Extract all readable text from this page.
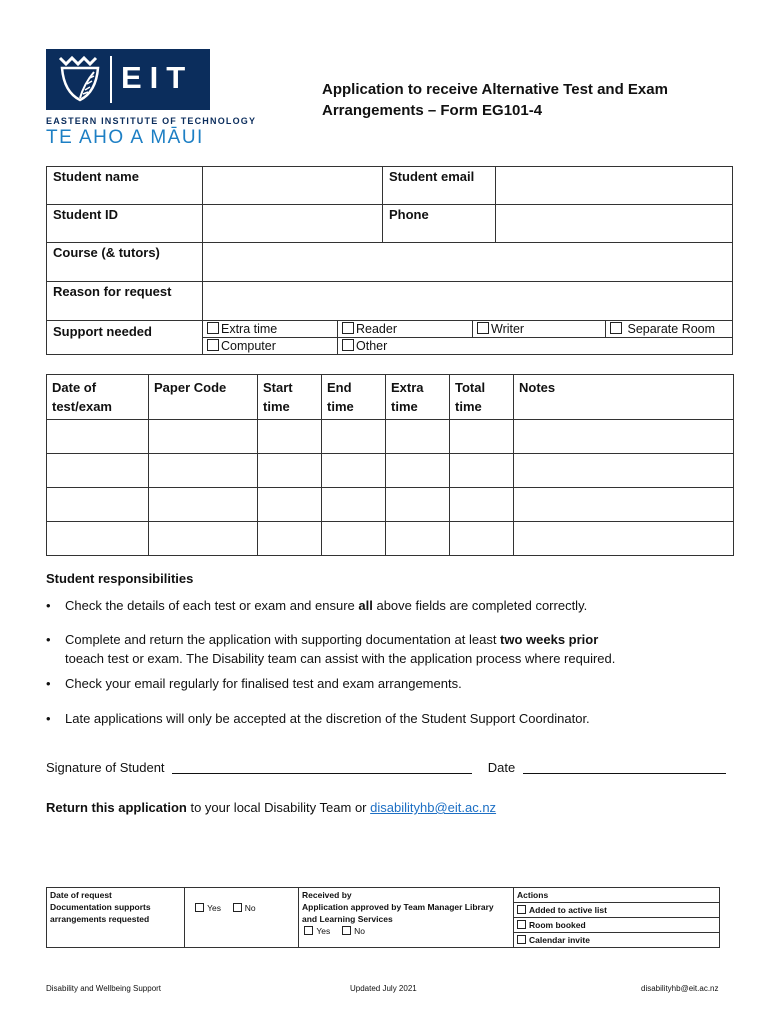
EIT
EASTERN INSTITUTE OF TECHNOLOGY
TE AHO A MĀUI
Application to receive Alternative Test and Exam
Arrangements – Form EG101-4
Student name		Student email	
Student ID		Phone	
Course (& tutors)	
Reason for request	
Support needed		Extra time	Reader	Writer	Separate Room
Computer	Other		
Date of test/exam	Paper Code	Start time	End time	Extra time	Total time	Notes

Student responsibilities
• Check the details of each test or exam and ensure all above fields are completed correctly.
• Complete and return the application with supporting documentation at least two weeks prior
toeach test or exam. The Disability team can assist with the application process where required.
• Check your email regularly for finalised test and exam arrangements.
• Late applications will only be accepted at the discretion of the Student Support Coordinator.
Signature of Student	Date
Return this application to your local Disability Team or disabilityhb@eit.ac.nz
Date of request
Documentation supports arrangements requested
	Yes	No	
Received by
Application approved by Team Manager Library and Learning Services
Yes	No

Actions
Added to active list
Room booked
Calendar invite
Disability and Wellbeing Support	Updated July 2021	disabilityhb@eit.ac.nz
